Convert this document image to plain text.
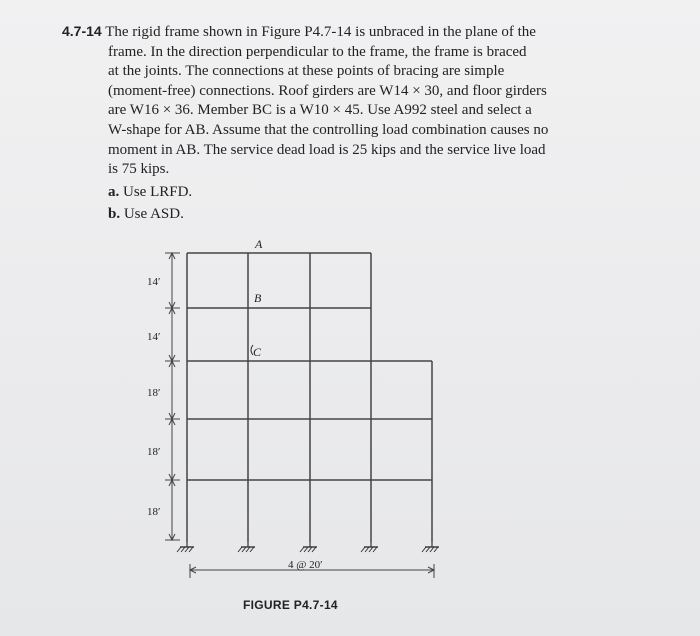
4.7-14 The rigid frame shown in Figure P4.7-14 is unbraced in the plane of the
frame. In the direction perpendicular to the frame, the frame is braced
at the joints. The connections at these points of bracing are simple
(moment-free) connections. Roof girders are W14 × 30, and floor girders
are W16 × 36. Member BC is a W10 × 45. Use A992 steel and select a
W-shape for AB. Assume that the controlling load combination causes no
moment in AB. The service dead load is 25 kips and the service live load
is 75 kips.
a. Use LRFD.
b. Use ASD.
A
B
C
14′
14′
18′
18′
18′
4 @ 20′
FIGURE P4.7-14
